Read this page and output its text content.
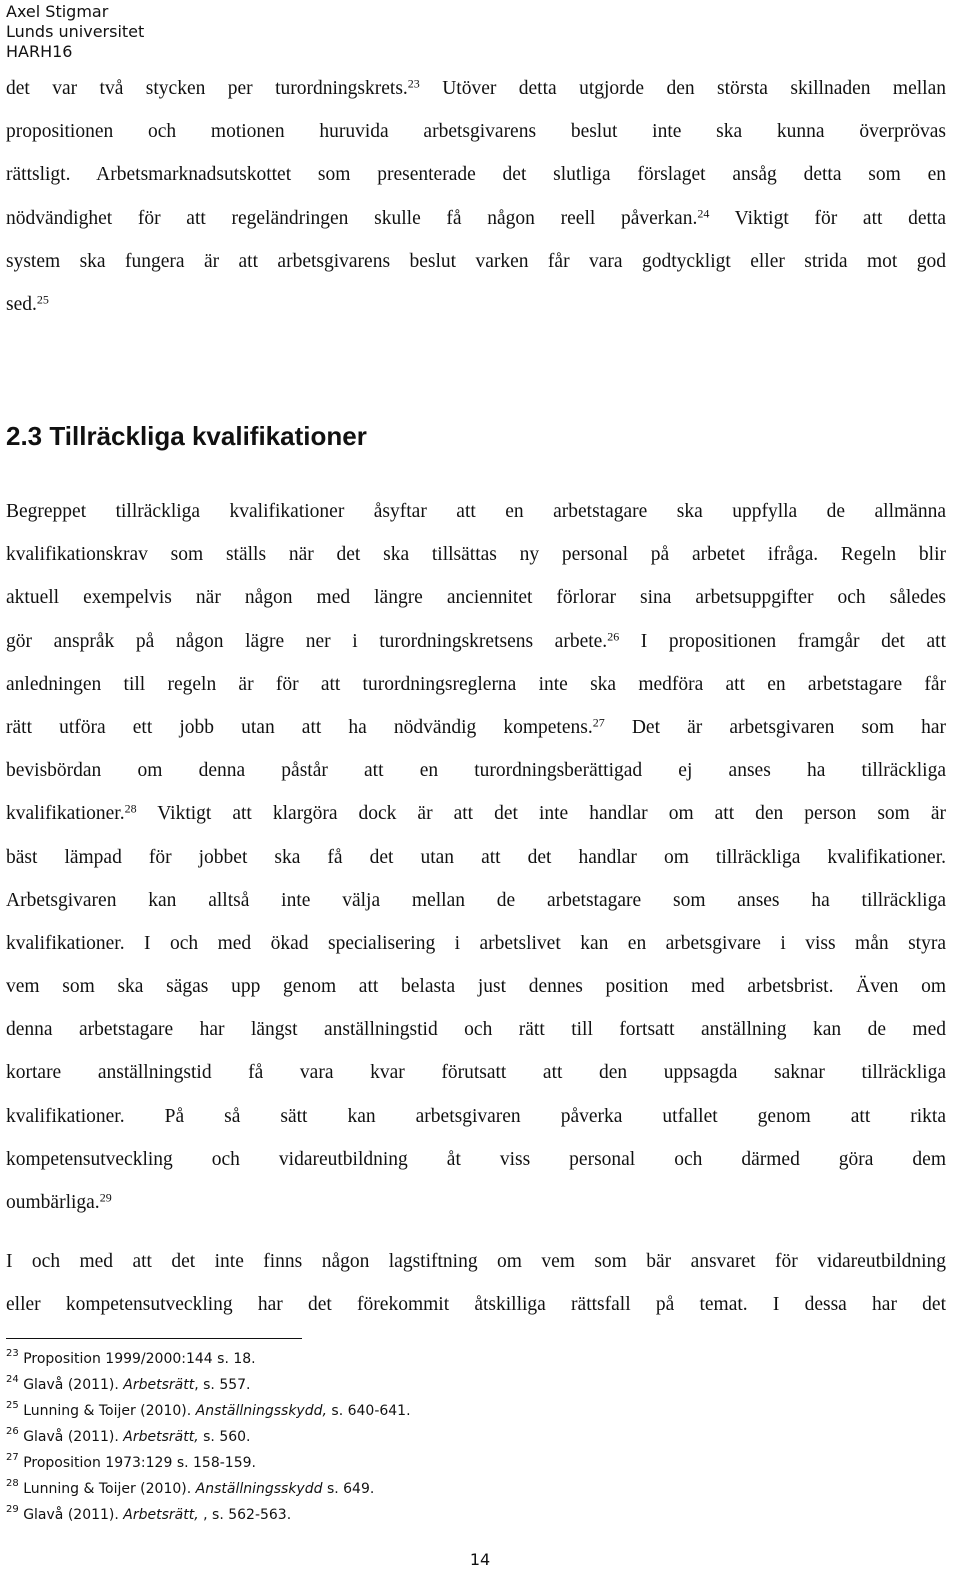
Axel Stigmar
Lunds universitet
HARH16
det var två stycken per turordningskrets.$^{23}$ Utöver detta utgjorde den största skillnaden mellan
propositionen och motionen huruvida arbetsgivarens beslut inte ska kunna överprövas
rättsligt. Arbetsmarknadsutskottet som presenterade det slutliga förslaget ansåg detta som en
nödvändighet för att regeländringen skulle få någon reell påverkan.$^{24}$ Viktigt för att detta
system ska fungera är att arbetsgivarens beslut varken får vara godtyckligt eller strida mot god
sed.$^{25}$
2.3 Tillräckliga kvalifikationer
Begreppet tillräckliga kvalifikationer åsyftar att en arbetstagare ska uppfylla de allmänna
kvalifikationskrav som ställs när det ska tillsättas ny personal på arbetet ifråga. Regeln blir
aktuell exempelvis när någon med längre anciennitet förlorar sina arbetsuppgifter och således
gör anspråk på någon lägre ner i turordningskretsens arbete.$^{26}$ I propositionen framgår det att
anledningen till regeln är för att turordningsreglerna inte ska medföra att en arbetstagare får
rätt utföra ett jobb utan att ha nödvändig kompetens.$^{27}$ Det är arbetsgivaren som har
bevisbördan om denna påstår att en turordningsberättigad ej anses ha tillräckliga
kvalifikationer.$^{28}$ Viktigt att klargöra dock är att det inte handlar om att den person som är
bäst lämpad för jobbet ska få det utan att det handlar om tillräckliga kvalifikationer.
Arbetsgivaren kan alltså inte välja mellan de arbetstagare som anses ha tillräckliga
kvalifikationer. I och med ökad specialisering i arbetslivet kan en arbetsgivare i viss mån styra
vem som ska sägas upp genom att belasta just dennes position med arbetsbrist. Även om
denna arbetstagare har längst anställningstid och rätt till fortsatt anställning kan de med
kortare anställningstid få vara kvar förutsatt att den uppsagda saknar tillräckliga
kvalifikationer. På så sätt kan arbetsgivaren påverka utfallet genom att rikta
kompetensutveckling och vidareutbildning åt viss personal och därmed göra dem
oumbärliga.$^{29}$
I och med att det inte finns någon lagstiftning om vem som bär ansvaret för vidareutbildning
eller kompetensutveckling har det förekommit åtskilliga rättsfall på temat. I dessa har det
$^{23}$ Proposition 1999/2000:144 s. 18.
$^{24}$ Glavå (2011). Arbetsrätt, s. 557.
$^{25}$ Lunning & Toijer (2010). Anställningsskydd, s. 640-641.
$^{26}$ Glavå (2011). Arbetsrätt, s. 560.
$^{27}$ Proposition 1973:129 s. 158-159.
$^{28}$ Lunning & Toijer (2010). Anställningsskydd s. 649.
$^{29}$ Glavå (2011). Arbetsrätt, , s. 562-563.
14
